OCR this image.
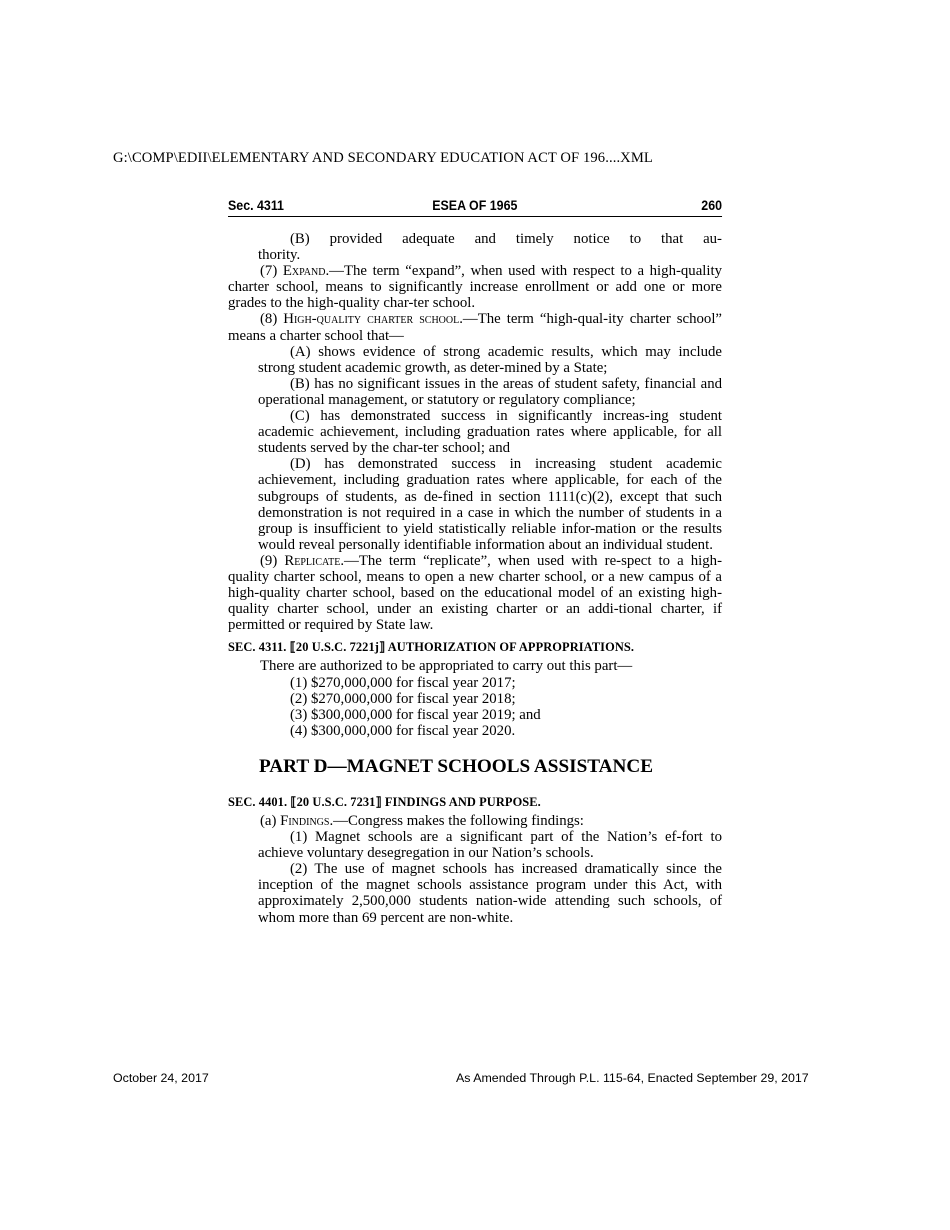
G:\COMP\EDII\ELEMENTARY AND SECONDARY EDUCATION ACT OF 196....XML
Sec. 4311	ESEA OF 1965	260

(B) provided adequate and timely notice to that au-

thority.

(7) Expand.—The term “expand”, when used with respect to a high-quality charter school, means to significantly increase enrollment or add one or more grades to the high-quality char-ter school.

(8) High-quality charter school.—The term “high-qual-ity charter school” means a charter school that—

(A) shows evidence of strong academic results, which may include strong student academic growth, as deter-mined by a State;

(B) has no significant issues in the areas of student safety, financial and operational management, or statutory or regulatory compliance;

(C) has demonstrated success in significantly increas-ing student academic achievement, including graduation rates where applicable, for all students served by the char-ter school; and

(D) has demonstrated success in increasing student academic achievement, including graduation rates where applicable, for each of the subgroups of students, as de-fined in section 1111(c)(2), except that such demonstration is not required in a case in which the number of students in a group is insufficient to yield statistically reliable infor-mation or the results would reveal personally identifiable information about an individual student.

(9) Replicate.—The term “replicate”, when used with re-spect to a high-quality charter school, means to open a new charter school, or a new campus of a high-quality charter school, based on the educational model of an existing high-quality charter school, under an existing charter or an addi-tional charter, if permitted or required by State law.

SEC. 4311. ⟦20 U.S.C. 7221j⟧ AUTHORIZATION OF APPROPRIATIONS.

There are authorized to be appropriated to carry out this part—

(1) $270,000,000 for fiscal year 2017;

(2) $270,000,000 for fiscal year 2018;

(3) $300,000,000 for fiscal year 2019; and

(4) $300,000,000 for fiscal year 2020.

PART D—MAGNET SCHOOLS ASSISTANCE

SEC. 4401. ⟦20 U.S.C. 7231⟧ FINDINGS AND PURPOSE.

(a) Findings.—Congress makes the following findings:

(1) Magnet schools are a significant part of the Nation’s ef-fort to achieve voluntary desegregation in our Nation’s schools.

(2) The use of magnet schools has increased dramatically since the inception of the magnet schools assistance program under this Act, with approximately 2,500,000 students nation-wide attending such schools, of whom more than 69 percent are non-white.

October 24, 2017	As Amended Through P.L. 115-64, Enacted September 29, 2017
